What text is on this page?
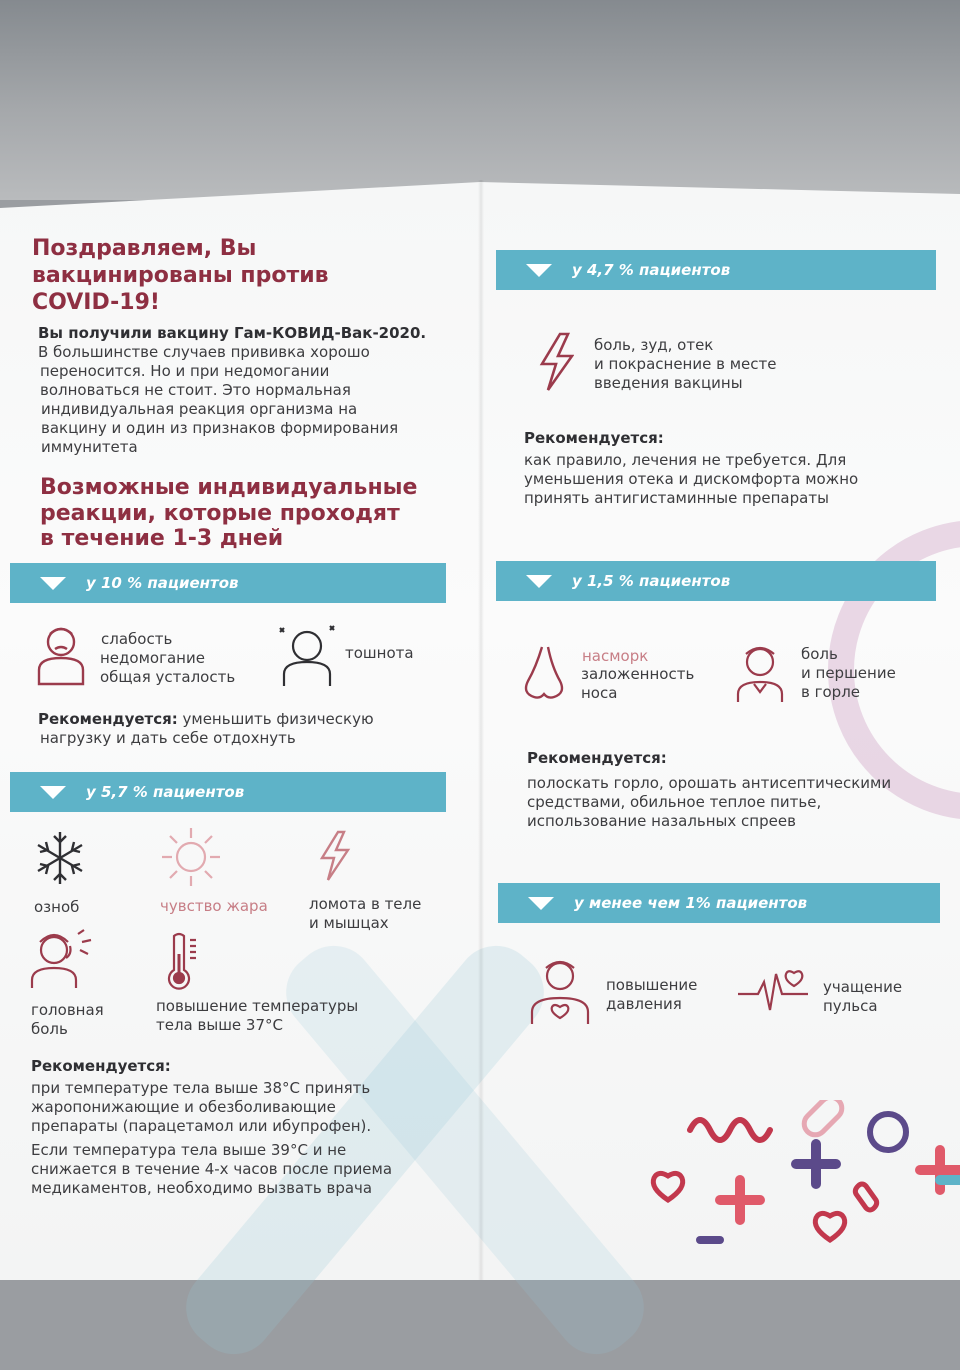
Поздравляем, Вы

вакцинированы против

COVID-19!

Вы получили вакцину Гам-КОВИД-Вак-2020.

В большинстве случаев прививка хорошо

переносится. Но и при недомогании

волноваться не стоит. Это нормальная

индивидуальная реакция организма на

вакцину и один из признаков формирования

иммунитета

Возможные индивидуальные

реакции, которые проходят

в течение 1-3 дней

у 10 % пациентов

слабость

недомогание

общая усталость

тошнота

Рекомендуется: уменьшить физическую

нагрузку и дать себе отдохнуть

у 5,7 % пациентов

озноб	чувство жара	ломота в теле

и мышцах

головная

боль

повышение температуры

тела выше 37°С

Рекомендуется:

при температуре тела выше 38°С принять

жаропонижающие и обезболивающие

препараты (парацетамол или ибупрофен).

Если температура тела выше 39°С и не

снижается в течение 4-х часов после приема

медикаментов, необходимо вызвать врача

у 4,7 % пациентов

боль, зуд, отек

и покраснение в месте

введения вакцины

Рекомендуется:

как правило, лечения не требуется. Для

уменьшения отека и дискомфорта можно

принять антигистаминные препараты

у 1,5 % пациентов

насморк

заложенность

носа

боль

и першение

в горле

Рекомендуется:

полоскать горло, орошать антисептическими

средствами, обильное теплое питье,

использование назальных спреев

у менее чем 1% пациентов

повышение

давления

учащение

пульса
